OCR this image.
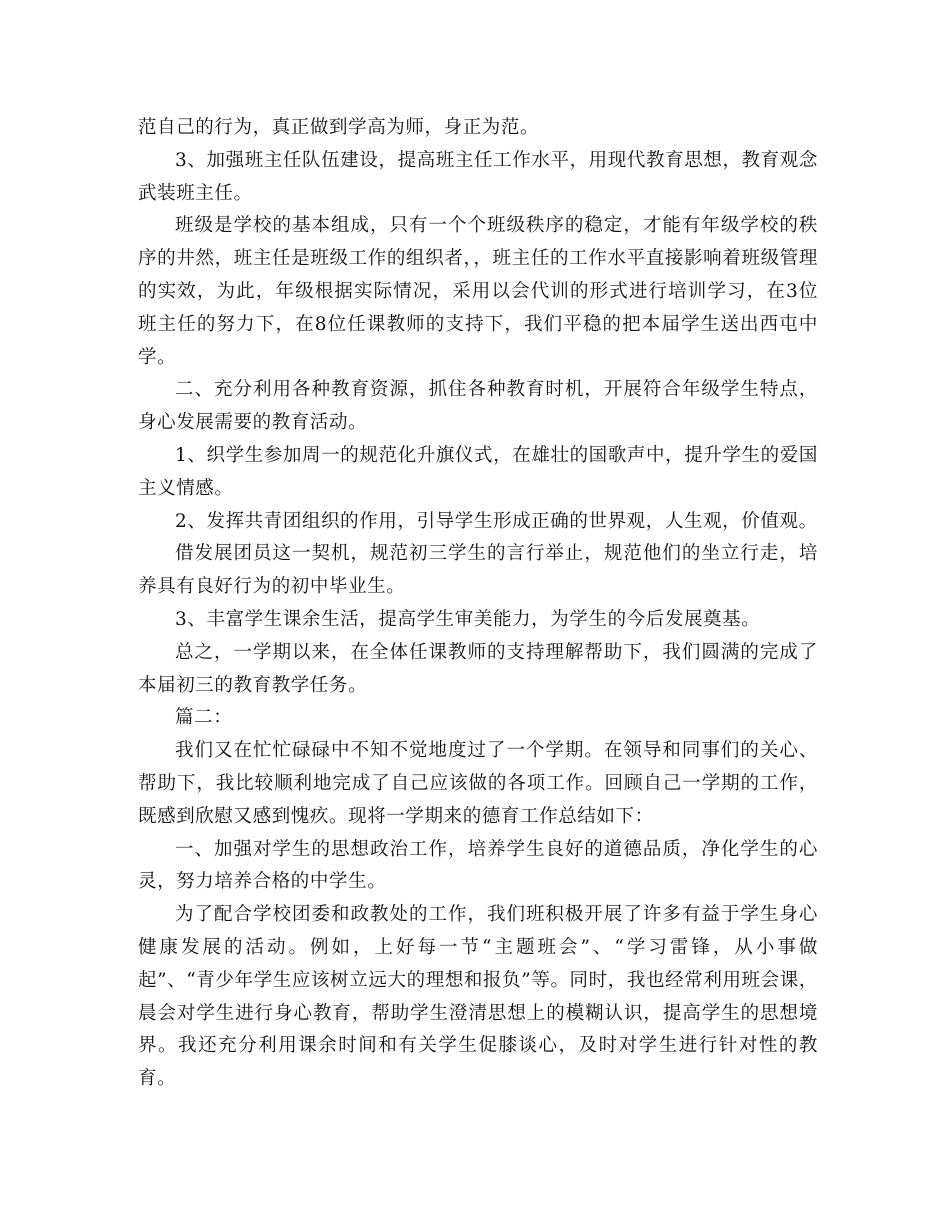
范自己的行为，真正做到学高为师，身正为范。

3、加强班主任队伍建设，提高班主任工作水平，用现代教育思想，教育观念武装班主任。

班级是学校的基本组成，只有一个个班级秩序的稳定，才能有年级学校的秩序的井然，班主任是班级工作的组织者，，班主任的工作水平直接影响着班级管理的实效，为此，年级根据实际情况，采用以会代训的形式进行培训学习，在3位班主任的努力下，在8位任课教师的支持下，我们平稳的把本届学生送出西屯中学。

二、充分利用各种教育资源，抓住各种教育时机，开展符合年级学生特点，身心发展需要的教育活动。

1、织学生参加周一的规范化升旗仪式，在雄壮的国歌声中，提升学生的爱国主义情感。

2、发挥共青团组织的作用，引导学生形成正确的世界观，人生观，价值观。

借发展团员这一契机，规范初三学生的言行举止，规范他们的坐立行走，培养具有良好行为的初中毕业生。

3、丰富学生课余生活，提高学生审美能力，为学生的今后发展奠基。

总之，一学期以来，在全体任课教师的支持理解帮助下，我们圆满的完成了本届初三的教育教学任务。

篇二：

我们又在忙忙碌碌中不知不觉地度过了一个学期。在领导和同事们的关心、帮助下，我比较顺利地完成了自己应该做的各项工作。回顾自己一学期的工作，既感到欣慰又感到愧疚。现将一学期来的德育工作总结如下：

一、加强对学生的思想政治工作，培养学生良好的道德品质，净化学生的心灵，努力培养合格的中学生。

为了配合学校团委和政教处的工作，我们班积极开展了许多有益于学生身心健康发展的活动。例如，上好每一节“主题班会”、“学习雷锋，从小事做起”、“青少年学生应该树立远大的理想和报负”等。同时，我也经常利用班会课，晨会对学生进行身心教育，帮助学生澄清思想上的模糊认识，提高学生的思想境界。我还充分利用课余时间和有关学生促膝谈心，及时对学生进行针对性的教育。
